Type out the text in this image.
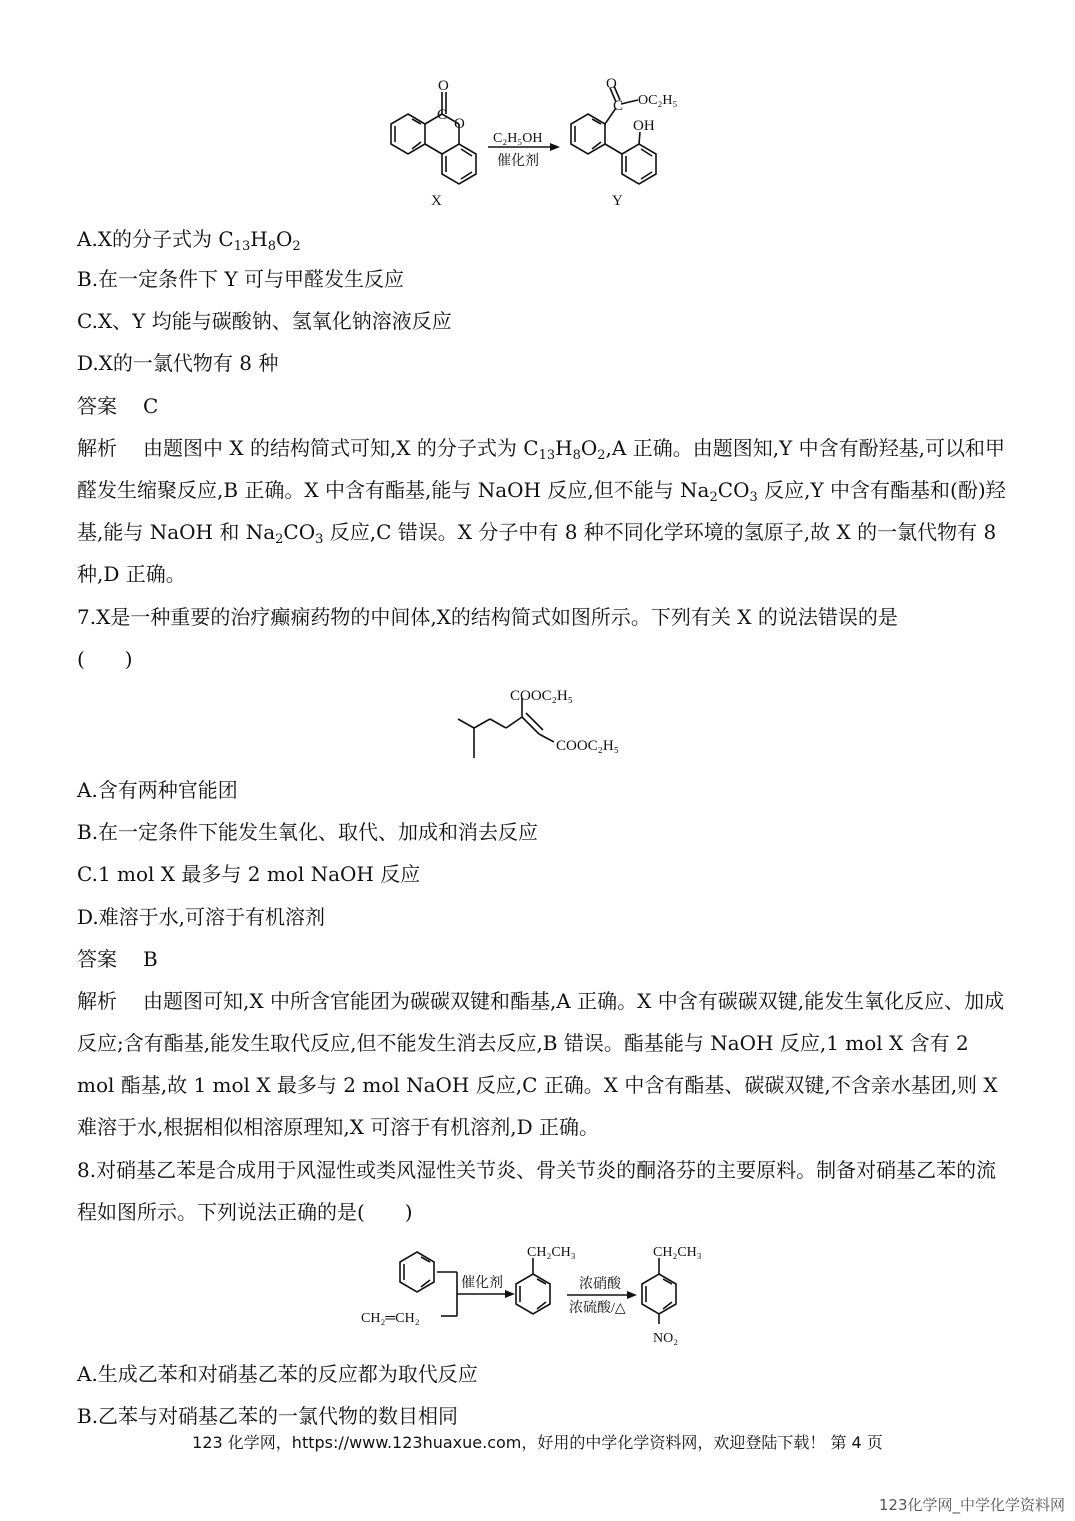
O
C
O
C₂H₅OH
催化剂
O
C OC₂H₅
OH
X	Y
A.X的分子式为 $C_{13}H_8O_2$
B.在一定条件下 Y 可与甲醛发生反应
C.X、Y 均能与碳酸钠、氢氧化钠溶液反应
D.X的一氯代物有 8 种
答案 C
解析 由题图中 X 的结构简式可知,X 的分子式为 $C_{13}H_8O_2,A$ 正确。由题图知,Y 中含有酚羟基,可以和甲醛发生缩聚反应,B 正确。X 中含有酯基,能与 NaOH 反应,但不能与 $Na_2CO_3$ 反应,Y 中含有酯基和(酚)羟基,能与 NaOH 和 $Na_2CO_3$ 反应,C 错误。X 分子中有 8 种不同化学环境的氢原子,故 X 的一氯代物有 8 种,D 正确。
7.X是一种重要的治疗癫痫药物的中间体,X的结构简式如图所示。下列有关 X 的说法错误的是
(　　)
COOC₂H₅
COOC₂H₅
A.含有两种官能团
B.在一定条件下能发生氧化、取代、加成和消去反应
C.1 mol X 最多与 2 mol NaOH 反应
D.难溶于水,可溶于有机溶剂
答案 B
解析 由题图可知,X 中所含官能团为碳碳双键和酯基,A 正确。X 中含有碳碳双键,能发生氧化反应、加成反应;含有酯基,能发生取代反应,但不能发生消去反应,B 错误。酯基能与 NaOH 反应,1 mol X 含有 2 mol 酯基,故 1 mol X 最多与 2 mol NaOH 反应,C 正确。X 中含有酯基、碳碳双键,不含亲水基团,则 X 难溶于水,根据相似相溶原理知,X 可溶于有机溶剂,D 正确。
8.对硝基乙苯是合成用于风湿性或类风湿性关节炎、骨关节炎的酮洛芬的主要原料。制备对硝基乙苯的流程如图所示。下列说法正确的是(　　)
CH₂═CH₂
催化剂
CH₂CH₃
浓硝酸
浓硫酸/△
CH₂CH₃
NO₂
A.生成乙苯和对硝基乙苯的反应都为取代反应
B.乙苯与对硝基乙苯的一氯代物的数目相同
123 化学网，https://www.123huaxue.com，好用的中学化学资料网，欢迎登陆下载！ 第 4 页
123化学网_中学化学资料网
